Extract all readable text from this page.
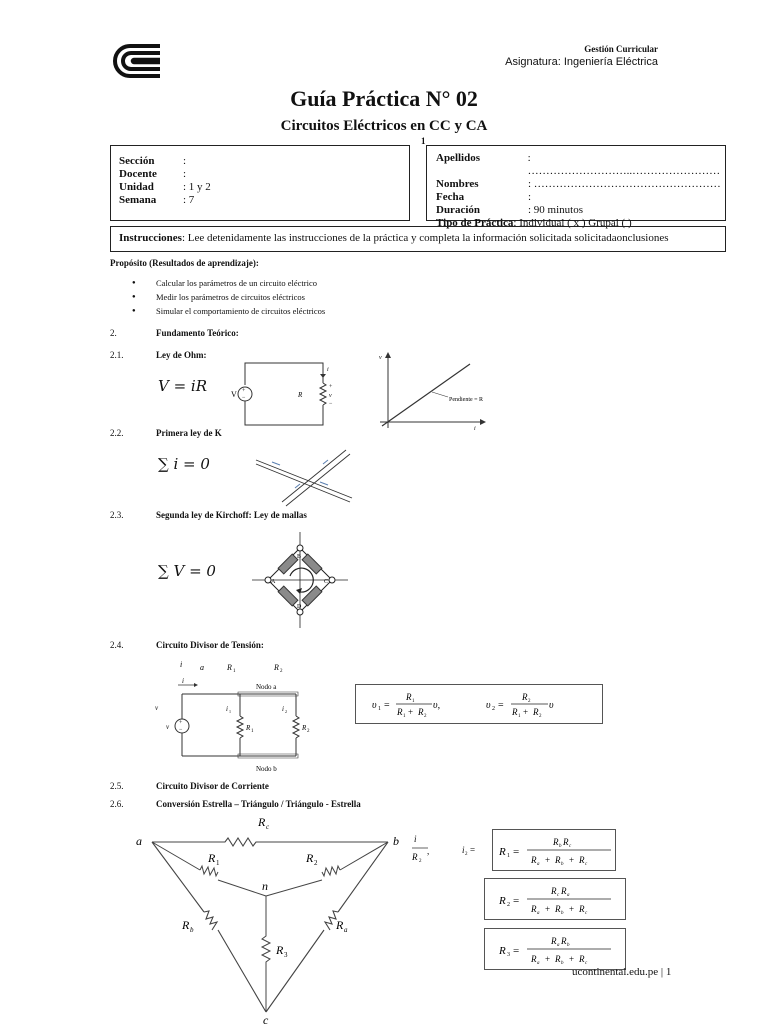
Gestión Curricular
Asignatura: Ingeniería Eléctrica
Guía Práctica N° 02
Circuitos Eléctricos en CC y CA
1
Sección	:
Docente	:
Unidad	: 1 y 2
Semana	: 7
Apellidos	: ………………………..……………………
Nombres	: ……………………………………………
Fecha	:
Duración	: 90 minutos
Tipo de Práctica : Individual ( x ) Grupal ( )
Instrucciones: Lee detenidamente las instrucciones de la práctica y completa la información solicitada solicitadaonclusiones
Propósito (Resultados de aprendizaje):
● Calcular los parámetros de un circuito eléctrico
● Medir los parámetros de circuitos eléctricos
● Simular el comportamiento de circuitos eléctricos
2.	Fundamento Teórico:
2.1.	Ley de Ohm:
V = iR	+
−
V	R
+
v
−
i
v
i
Pendiente = R
2.2.	Primera ley de K
∑ i = 0
2.3.	Segunda ley de Kirchoff: Ley de mallas
∑ V = 0
B
C
D
A
2.4.	Circuito Divisor de Tensión:
i a	R 1	R 2
i
Nodo a
+
−
v
v	R 1	R 2
i 1	i 2
Nodo b
υ 1 =
R 1
R 1 + R 2
υ,	υ 2 =
R 2
R 1 + R 2
υ
2.5.	Circuito Divisor de Corriente
2.6.	Conversión Estrella – Triángulo / Triángulo - Estrella
R c
a	b
R b	R a
R 1	R 2
n
R 3
c
i
R 2
,	i 2 = R 1 =
R b R c
R a + R b + R c
R 2 =
R c R a
R a + R b + R c
R 3 =
R a R b
R a + R b + R c
ucontinental.edu.pe | 1
